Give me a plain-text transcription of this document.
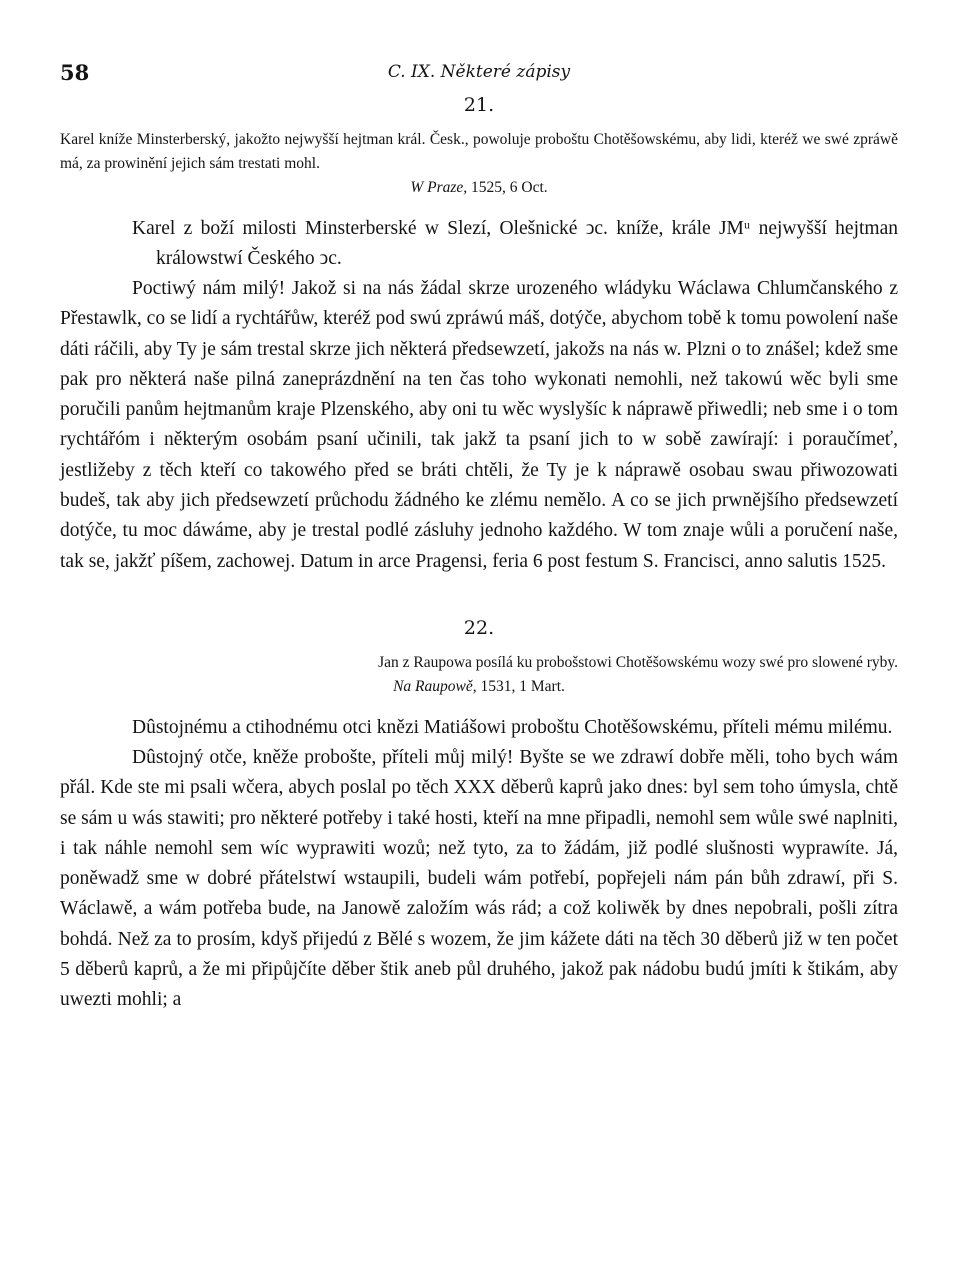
58	C. IX. Některé zápisy
21.

Karel kníže Minsterberský, jakožto nejwyšší hejtman král. Česk., powoluje proboštu Chotěšowskému, aby lidi, kteréž we swé zpráwě má, za prowinění jejich sám trestati mohl.

W Praze, 1525, 6 Oct.

Karel z boží milosti Minsterberské w Slezí, Olešnické ͻc. kníže, krále JMᵘ nejwyšší hejtman králowstwí Českého ͻc.

Poctiwý nám milý! Jakož si na nás žádal skrze urozeného wládyku Wáclawa Chlumčanského z Přestawlk, co se lidí a rychtářůw, kteréž pod swú zpráwú máš, dotýče, abychom tobě k tomu powolení naše dáti ráčili, aby Ty je sám trestal skrze jich některá předsewzetí, jakožs na nás w. Plzni o to znášel; kdež sme pak pro některá naše pilná zaneprázdnění na ten čas toho wykonati nemohli, než takowú wěc byli sme poručili panům hejtmanům kraje Plzenského, aby oni tu wěc wyslyšíc k náprawě přiwedli; neb sme i o tom rychtářóm i některým osobám psaní učinili, tak jakž ta psaní jich to w sobě zawírají: i poraučímeť, jestližeby z těch kteří co takowého před se bráti chtěli, že Ty je k náprawě osobau swau přiwozowati budeš, tak aby jich předsewzetí průchodu žádného ke zlému nemělo. A co se jich prwnějšího předsewzetí dotýče, tu moc dáwáme, aby je trestal podlé zásluhy jednoho každého. W tom znaje wůli a poručení naše, tak se, jakžť píšem, zachowej. Datum in arce Pragensi, feria 6 post festum S. Francisci, anno salutis 1525.

22.

Jan z Raupowa posílá ku probošstowi Chotěšowskému wozy swé pro slowené ryby.

Na Raupowě, 1531, 1 Mart.

Dûstojnému a ctihodnému otci knězi Matiášowi proboštu Chotěšowskému, příteli mému milému.

Dûstojný otče, kněže probošte, příteli můj milý! Byšte se we zdrawí dobře měli, toho bych wám přál. Kde ste mi psali wčera, abych poslal po těch XXX děberů kaprů jako dnes: byl sem toho úmysla, chtě se sám u wás stawiti; pro některé potřeby i také hosti, kteří na mne připadli, nemohl sem wůle swé naplniti, i tak náhle nemohl sem wíc wyprawiti wozů; než tyto, za to žádám, již podlé slušnosti wyprawíte. Já, poněwadž sme w dobré přátelstwí wstaupili, budeli wám potřebí, popřejeli nám pán bůh zdrawí, při S. Wáclawě, a wám potřeba bude, na Janowě založím wás rád; a což koliwěk by dnes nepobrali, pošli zítra bohdá. Než za to prosím, kdyš přijedú z Bělé s wozem, že jim kážete dáti na těch 30 děberů již w ten počet 5 děberů kaprů, a že mi připůjčíte děber štik aneb půl druhého, jakož pak nádobu budú jmíti k štikám, aby uwezti mohli; a
